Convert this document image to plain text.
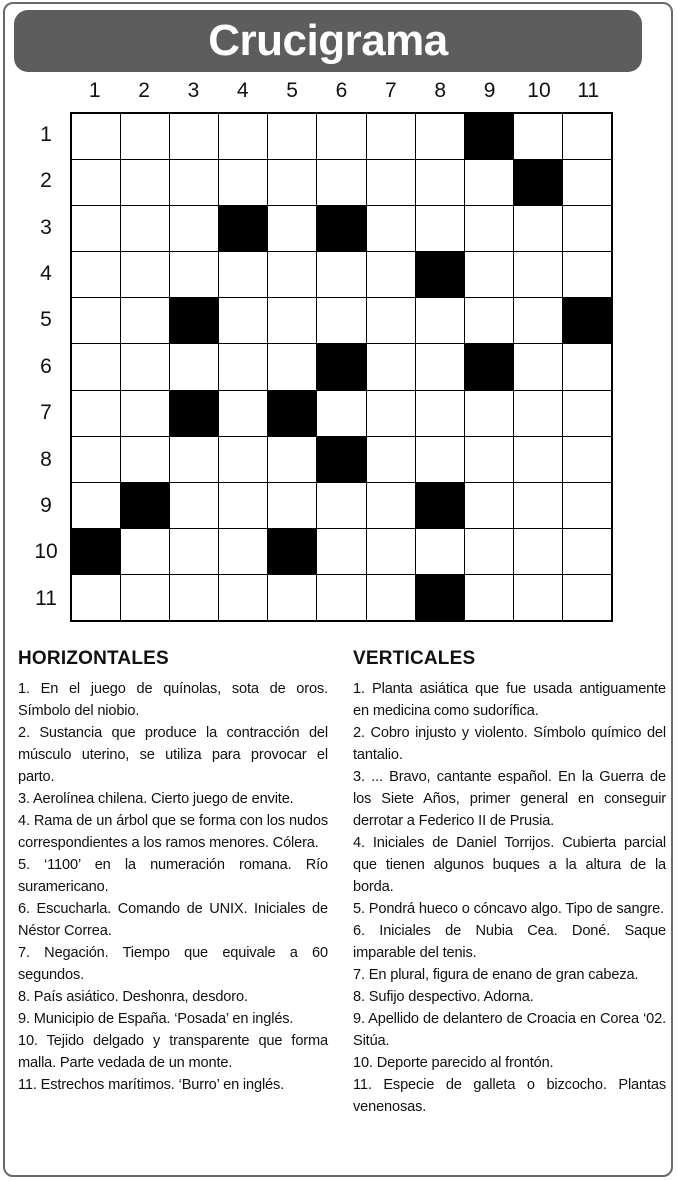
Crucigrama
1	2	3	4	5	6	7	8	9	10	11
1
2
3
4
5
6
7
8
9
10
11
HORIZONTALES

1. En el juego de quínolas, sota de oros. Símbolo del niobio.

2. Sustancia que produce la contracción del músculo uterino, se utiliza para provocar el parto.

3. Aerolínea chilena. Cierto juego de envite.

4. Rama de un árbol que se forma con los nudos correspondientes a los ramos menores. Cólera.

5. ‘1100’ en la numeración romana. Río suramericano.

6. Escucharla. Comando de UNIX. Iniciales de Néstor Correa.

7. Negación. Tiempo que equivale a 60 segundos.

8. País asiático. Deshonra, desdoro.

9. Municipio de España. ‘Posada’ en inglés.

10. Tejido delgado y transparente que forma malla. Parte vedada de un monte.

11. Estrechos marítimos. ‘Burro’ en inglés.

VERTICALES

1. Planta asiática que fue usada antiguamente en medicina como sudorífica.

2. Cobro injusto y violento. Símbolo químico del tantalio.

3. ... Bravo, cantante español. En la Guerra de los Siete Años, primer general en conseguir derrotar a Federico II de Prusia.

4. Iniciales de Daniel Torrijos. Cubierta parcial que tienen algunos buques a la altura de la borda.

5. Pondrá hueco o cóncavo algo. Tipo de sangre.

6. Iniciales de Nubia Cea. Doné. Saque imparable del tenis.

7. En plural, figura de enano de gran cabeza.

8. Sufijo despectivo. Adorna.

9. Apellido de delantero de Croacia en Corea ‘02. Sitúa.

10. Deporte parecido al frontón.

11. Especie de galleta o bizcocho. Plantas venenosas.
